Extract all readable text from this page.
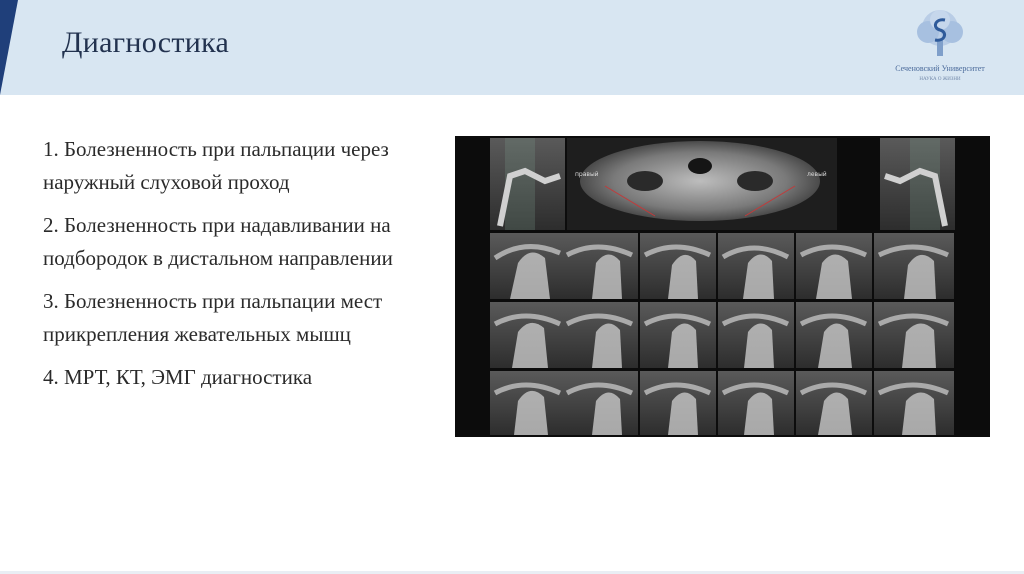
Диагностика
Сеченовский Университет
НАУКА О ЖИЗНИ
1. Болезненность при пальпации через наружный слуховой проход
2. Болезненность при надавливании на подбородок в дистальном направлении
3. Болезненность при пальпации мест прикрепления жевательных мышц
4. МРТ, КТ, ЭМГ диагностика
правый	левый
